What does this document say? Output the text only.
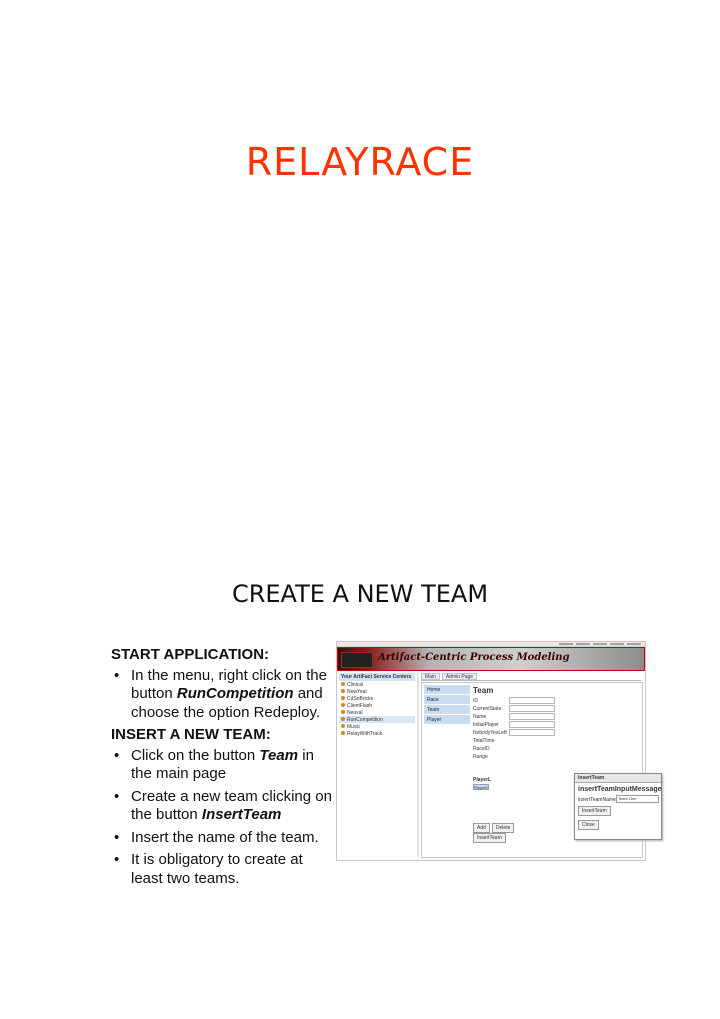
RELAYRACE
CREATE A NEW TEAM

START APPLICATION:

• In the menu, right click on the button RunCompetition and choose the option Redeploy.

INSERT A NEW TEAM:

• Click on the button Team in the main page
• Create a new team clicking on the button InsertTeam
• Insert the name of the team.
• It is obligatory to create at least two teams.
Artifact-Centric Process Modeling
Your ArtiFact Service Centers
Clinical
NewYeal
CdSnBricks
ClientFlash
Neuval
RunCompetition
Music
RelayWithTrack
Main	Admin Page
Home
Race
Team
Player
Team
ID
CurrentState
Name
InitialPlayer
NobodyYesLeft
TotalTime
RaceID
Range
PlayerL
PlayerE
Add	Delete
InsertTeam
InsertTeam
insertTeamInputMessage
insertTeamName Team One
InsertTeam
Close
